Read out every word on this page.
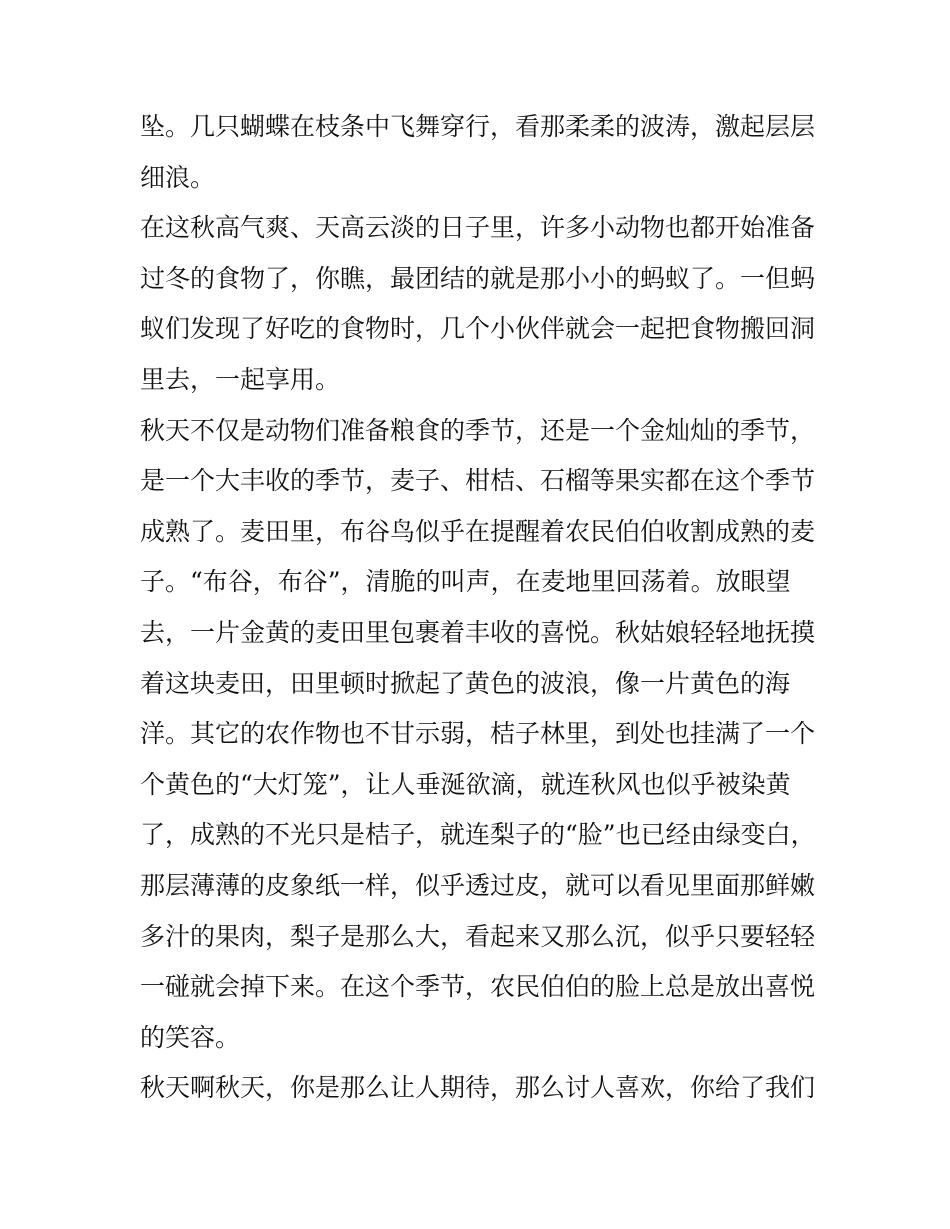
坠。几只蝴蝶在枝条中飞舞穿行，看那柔柔的波涛，激起层层
细浪。
在这秋高气爽、天高云淡的日子里，许多小动物也都开始准备
过冬的食物了，你瞧，最团结的就是那小小的蚂蚁了。一但蚂
蚁们发现了好吃的食物时，几个小伙伴就会一起把食物搬回洞
里去，一起享用。
秋天不仅是动物们准备粮食的季节，还是一个金灿灿的季节，
是一个大丰收的季节，麦子、柑桔、石榴等果实都在这个季节
成熟了。麦田里，布谷鸟似乎在提醒着农民伯伯收割成熟的麦
子。“布谷，布谷”，清脆的叫声，在麦地里回荡着。放眼望
去，一片金黄的麦田里包裹着丰收的喜悦。秋姑娘轻轻地抚摸
着这块麦田，田里顿时掀起了黄色的波浪，像一片黄色的海
洋。其它的农作物也不甘示弱，桔子林里，到处也挂满了一个
个黄色的“大灯笼”，让人垂涎欲滴，就连秋风也似乎被染黄
了，成熟的不光只是桔子，就连梨子的“脸”也已经由绿变白，
那层薄薄的皮象纸一样，似乎透过皮，就可以看见里面那鲜嫩
多汁的果肉，梨子是那么大，看起来又那么沉，似乎只要轻轻
一碰就会掉下来。在这个季节，农民伯伯的脸上总是放出喜悦
的笑容。
秋天啊秋天，你是那么让人期待，那么讨人喜欢，你给了我们
